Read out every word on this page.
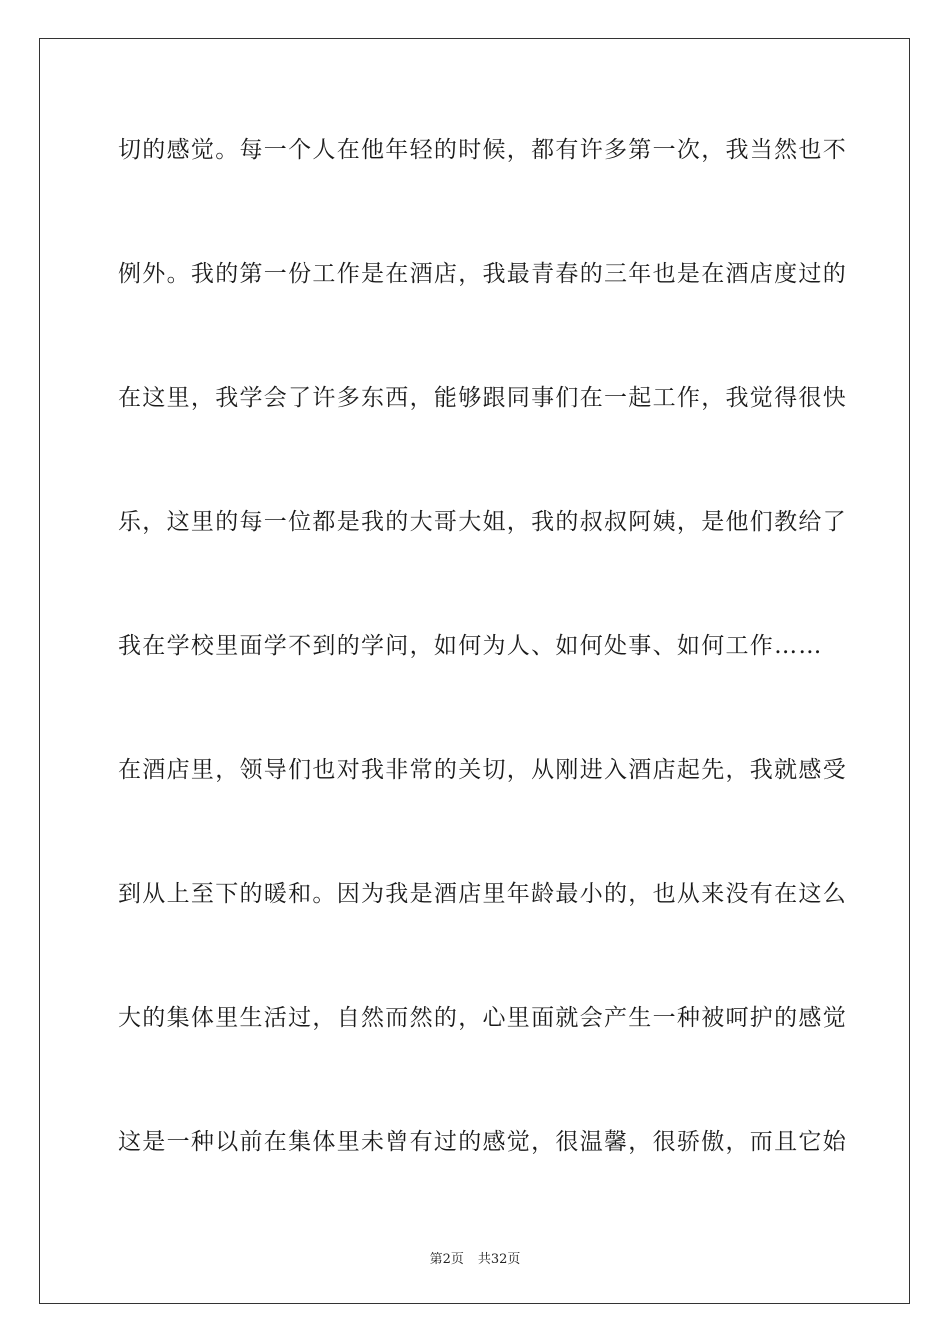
切的感觉。每一个人在他年轻的时候，都有许多第一次，我当然也不
例外。我的第一份工作是在酒店，我最青春的三年也是在酒店度过的
在这里，我学会了许多东西，能够跟同事们在一起工作，我觉得很快
乐，这里的每一位都是我的大哥大姐，我的叔叔阿姨，是他们教给了
我在学校里面学不到的学问，如何为人、如何处事、如何工作……
在酒店里，领导们也对我非常的关切，从刚进入酒店起先，我就感受
到从上至下的暖和。因为我是酒店里年龄最小的，也从来没有在这么
大的集体里生活过，自然而然的，心里面就会产生一种被呵护的感觉
这是一种以前在集体里未曾有过的感觉，很温馨，很骄傲，而且它始
第2页 共32页
